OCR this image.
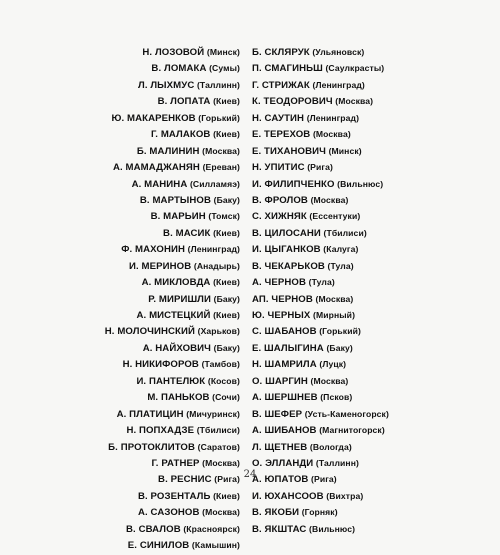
Н. ЛОЗОВОЙ (Минск)
В. ЛОМАКА (Сумы)
Л. ЛЫХМУС (Таллинн)
В. ЛОПАТА (Киев)
Ю. МАКАРЕНКОВ (Горький)
Г. МАЛАКОВ (Киев)
Б. МАЛИНИН (Москва)
А. МАМАДЖАНЯН (Ереван)
А. МАНИНА (Силламяэ)
В. МАРТЫНОВ (Баку)
В. МАРЬИН (Томск)
В. МАСИК (Киев)
Ф. МАХОНИН (Ленинград)
И. МЕРИНОВ (Анадырь)
А. МИКЛОВДА (Киев)
Р. МИРИШЛИ (Баку)
А. МИСТЕЦКИЙ (Киев)
Н. МОЛОЧИНСКИЙ (Харьков)
А. НАЙХОВИЧ (Баку)
Н. НИКИФОРОВ (Тамбов)
И. ПАНТЕЛЮК (Косов)
М. ПАНЬКОВ (Сочи)
А. ПЛАТИЦИН (Мичуринск)
Н. ПОПХАДЗЕ (Тбилиси)
Б. ПРОТОКЛИТОВ (Саратов)
Г. РАТНЕР (Москва)
В. РЕСНИС (Рига)
В. РОЗЕНТАЛЬ (Киев)
А. САЗОНОВ (Москва)
В. СВАЛОВ (Красноярск)
Е. СИНИЛОВ (Камышин)
Б. СКЛЯРУК (Ульяновск)
П. СМАГИНЬШ (Саулкрасты)
Г. СТРИЖАК (Ленинград)
К. ТЕОДОРОВИЧ (Москва)
Н. САУТИН (Ленинград)
Е. ТЕРЕХОВ (Москва)
Е. ТИХАНОВИЧ (Минск)
Н. УПИТИС (Рига)
И. ФИЛИПЧЕНКО (Вильнюс)
В. ФРОЛОВ (Москва)
С. ХИЖНЯК (Ессентуки)
В. ЦИЛОСАНИ (Тбилиси)
И. ЦЫГАНКОВ (Калуга)
В. ЧЕКАРЬКОВ (Тула)
А. ЧЕРНОВ (Тула)
АП. ЧЕРНОВ (Москва)
Ю. ЧЕРНЫХ (Мирный)
С. ШАБАНОВ (Горький)
Е. ШАЛЫГИНА (Баку)
Н. ШАМРИЛА (Луцк)
О. ШАРГИН (Москва)
А. ШЕРШНЕВ (Псков)
В. ШЕФЕР (Усть-Каменогорск)
А. ШИБАНОВ (Магнитогорск)
Л. ЩЕТНЕВ (Вологда)
О. ЭЛЛАНДИ (Таллинн)
А. ЮПАТОВ (Рига)
И. ЮХАНСООВ (Вихтра)
В. ЯКОБИ (Горняк)
В. ЯКШТАС (Вильнюс)
24
